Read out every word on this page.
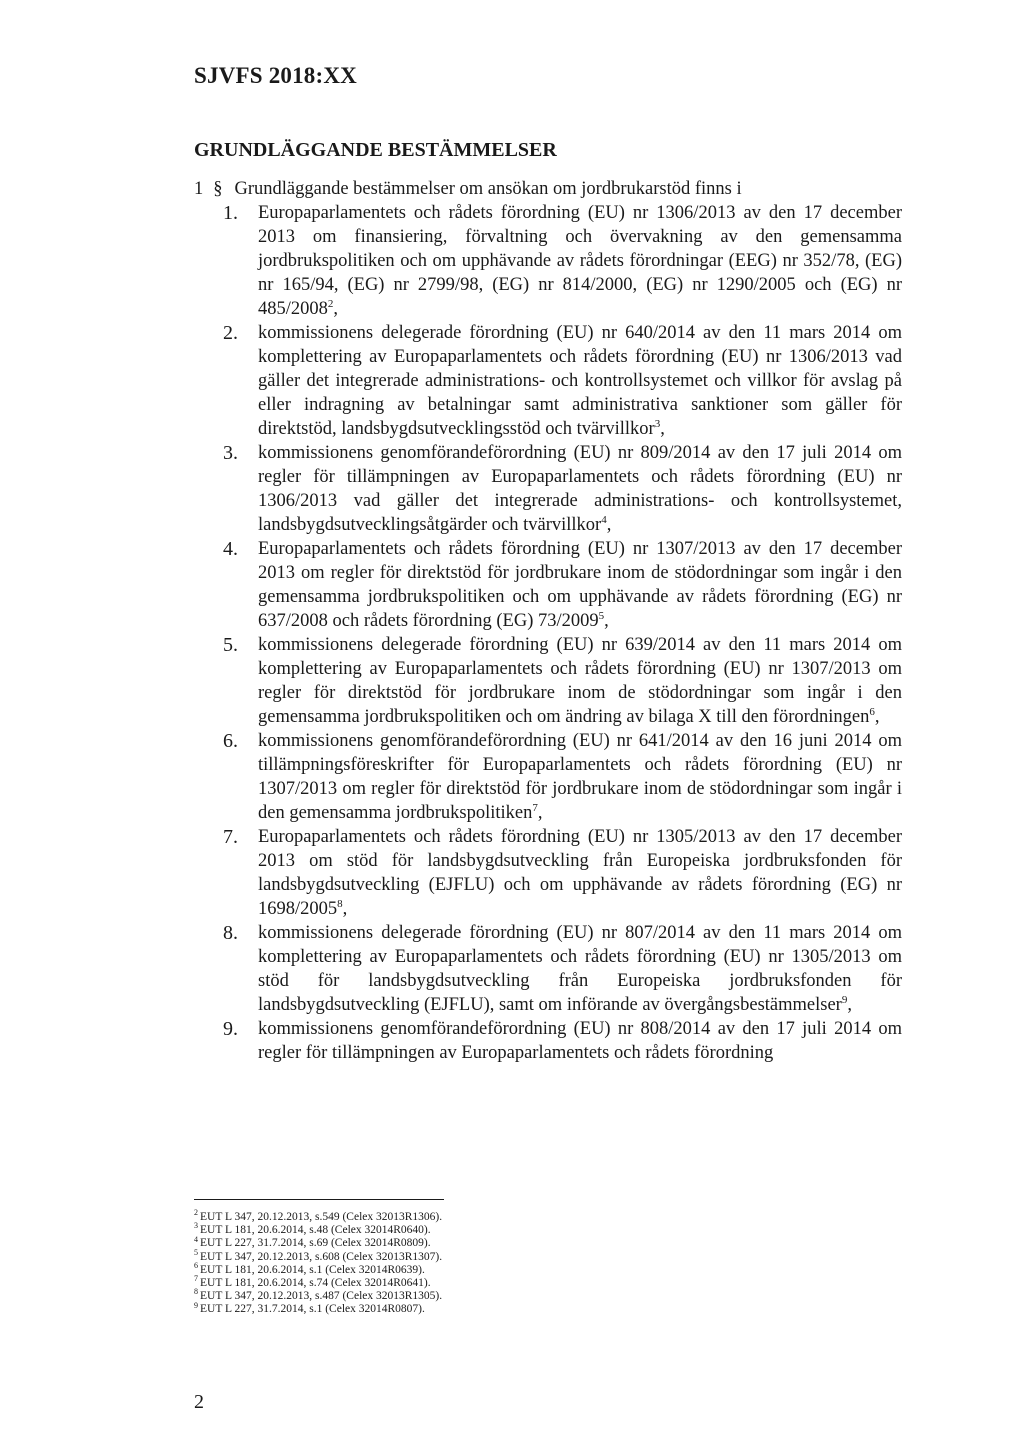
SJVFS 2018:XX
GRUNDLÄGGANDE BESTÄMMELSER
1 § Grundläggande bestämmelser om ansökan om jordbrukarstöd finns i
1. Europaparlamentets och rådets förordning (EU) nr 1306/2013 av den 17 december 2013 om finansiering, förvaltning och övervakning av den gemensamma jordbrukspolitiken och om upphävande av rådets förordningar (EEG) nr 352/78, (EG) nr 165/94, (EG) nr 2799/98, (EG) nr 814/2000, (EG) nr 1290/2005 och (EG) nr 485/2008$^2$,
2. kommissionens delegerade förordning (EU) nr 640/2014 av den 11 mars 2014 om komplettering av Europaparlamentets och rådets förordning (EU) nr 1306/2013 vad gäller det integrerade administrations- och kontrollsystemet och villkor för avslag på eller indragning av betalningar samt administrativa sanktioner som gäller för direktstöd, landsbygdsutvecklingsstöd och tvärvillkor$^3$,
3. kommissionens genomförandeförordning (EU) nr 809/2014 av den 17 juli 2014 om regler för tillämpningen av Europaparlamentets och rådets förordning (EU) nr 1306/2013 vad gäller det integrerade administrations- och kontrollsystemet, landsbygdsutvecklingsåtgärder och tvärvillkor$^4$,
4. Europaparlamentets och rådets förordning (EU) nr 1307/2013 av den 17 december 2013 om regler för direktstöd för jordbrukare inom de stödordningar som ingår i den gemensamma jordbrukspolitiken och om upphävande av rådets förordning (EG) nr 637/2008 och rådets förordning (EG) 73/2009$^5$,
5. kommissionens delegerade förordning (EU) nr 639/2014 av den 11 mars 2014 om komplettering av Europaparlamentets och rådets förordning (EU) nr 1307/2013 om regler för direktstöd för jordbrukare inom de stödordningar som ingår i den gemensamma jordbrukspolitiken och om ändring av bilaga X till den förordningen$^6$,
6. kommissionens genomförandeförordning (EU) nr 641/2014 av den 16 juni 2014 om tillämpningsföreskrifter för Europaparlamentets och rådets förordning (EU) nr 1307/2013 om regler för direktstöd för jordbrukare inom de stödordningar som ingår i den gemensamma jordbrukspolitiken$^7$,
7. Europaparlamentets och rådets förordning (EU) nr 1305/2013 av den 17 december 2013 om stöd för landsbygdsutveckling från Europeiska jordbruksfonden för landsbygdsutveckling (EJFLU) och om upphävande av rådets förordning (EG) nr 1698/2005$^8$,
8. kommissionens delegerade förordning (EU) nr 807/2014 av den 11 mars 2014 om komplettering av Europaparlamentets och rådets förordning (EU) nr 1305/2013 om stöd för landsbygdsutveckling från Europeiska jordbruksfonden för landsbygdsutveckling (EJFLU), samt om införande av övergångsbestämmelser$^9$,
9. kommissionens genomförandeförordning (EU) nr 808/2014 av den 17 juli 2014 om regler för tillämpningen av Europaparlamentets och rådets förordning
$^2$ EUT L 347, 20.12.2013, s.549 (Celex 32013R1306).
$^3$ EUT L 181, 20.6.2014, s.48 (Celex 32014R0640).
$^4$ EUT L 227, 31.7.2014, s.69 (Celex 32014R0809).
$^5$ EUT L 347, 20.12.2013, s.608 (Celex 32013R1307).
$^6$ EUT L 181, 20.6.2014, s.1 (Celex 32014R0639).
$^7$ EUT L 181, 20.6.2014, s.74 (Celex 32014R0641).
$^8$ EUT L 347, 20.12.2013, s.487 (Celex 32013R1305).
$^9$ EUT L 227, 31.7.2014, s.1 (Celex 32014R0807).
2
